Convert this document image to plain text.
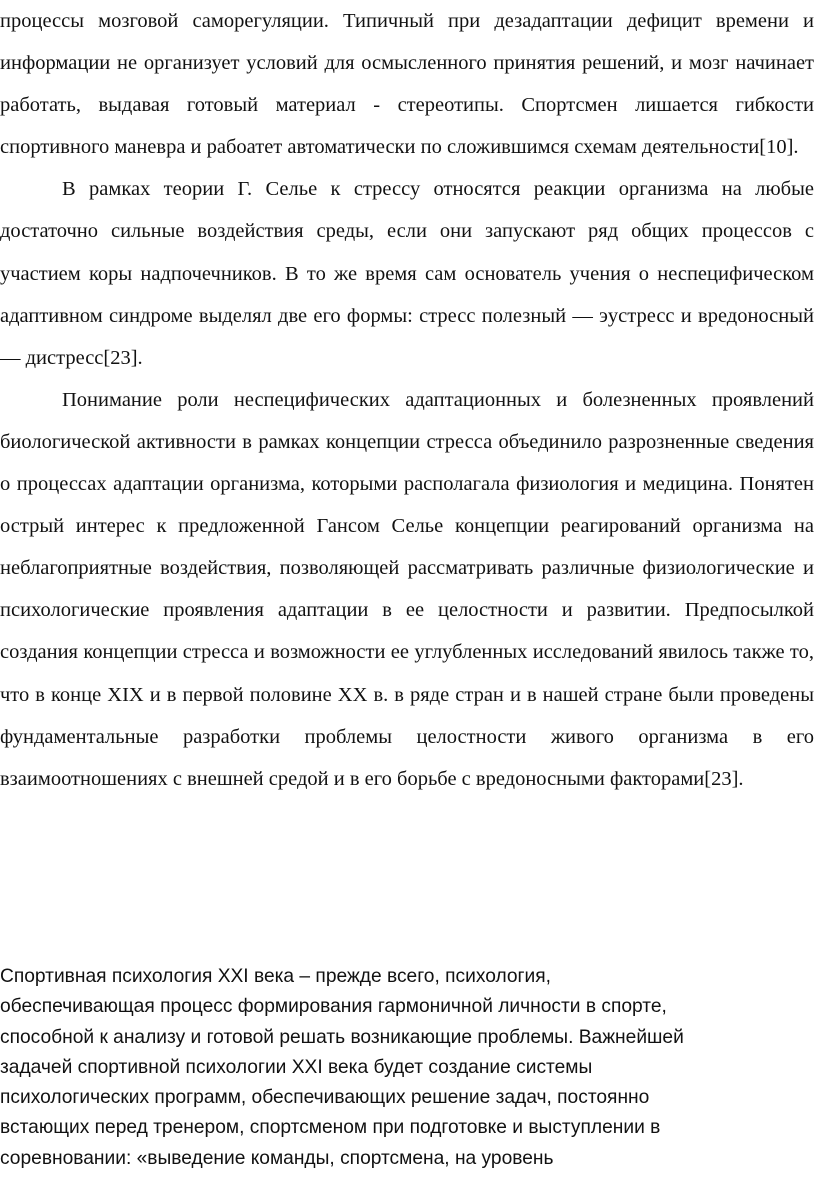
процессы мозговой саморегуляции. Типичный при дезадаптации дефицит времени и информации не организует условий для осмысленного принятия решений, и мозг начинает работать, выдавая готовый материал - стереотипы. Спортсмен лишается гибкости спортивного маневра и рабоатет автоматически по сложившимся схемам деятельности[10].

В рамках теории Г. Селье к стрессу относятся реакции организма на любые достаточно сильные воздействия среды, если они запускают ряд общих процессов с участием коры надпочечников. В то же время сам основатель учения о неспецифическом адаптивном синдроме выделял две его формы: стресс полезный — эустресс и вредоносный — дистресс[23].

Понимание роли неспецифических адаптационных и болезненных проявлений биологической активности в рамках концепции стресса объединило разрозненные сведения о процессах адаптации организма, которыми располагала физиология и медицина. Понятен острый интерес к предложенной Гансом Селье концепции реагирований организма на неблагоприятные воздействия, позволяющей рассматривать различные физиологические и психологические проявления адаптации в ее целостности и развитии. Предпосылкой создания концепции стресса и возможности ее углубленных исследований явилось также то, что в конце XIX и в первой половине XX в. в ряде стран и в нашей стране были проведены фундаментальные разработки проблемы целостности живого организма в его взаимоотношениях с внешней средой и в его борьбе с вредоносными факторами[23].

Спортивная психология XXI века – прежде всего, психология,

обеспечивающая процесс формирования гармоничной личности в спорте,

способной к анализу и готовой решать возникающие проблемы. Важнейшей

задачей спортивной психологии XXI века будет создание системы

психологических программ, обеспечивающих решение задач, постоянно

встающих перед тренером, спортсменом при подготовке и выступлении в

соревновании: «выведение команды, спортсмена, на уровень
